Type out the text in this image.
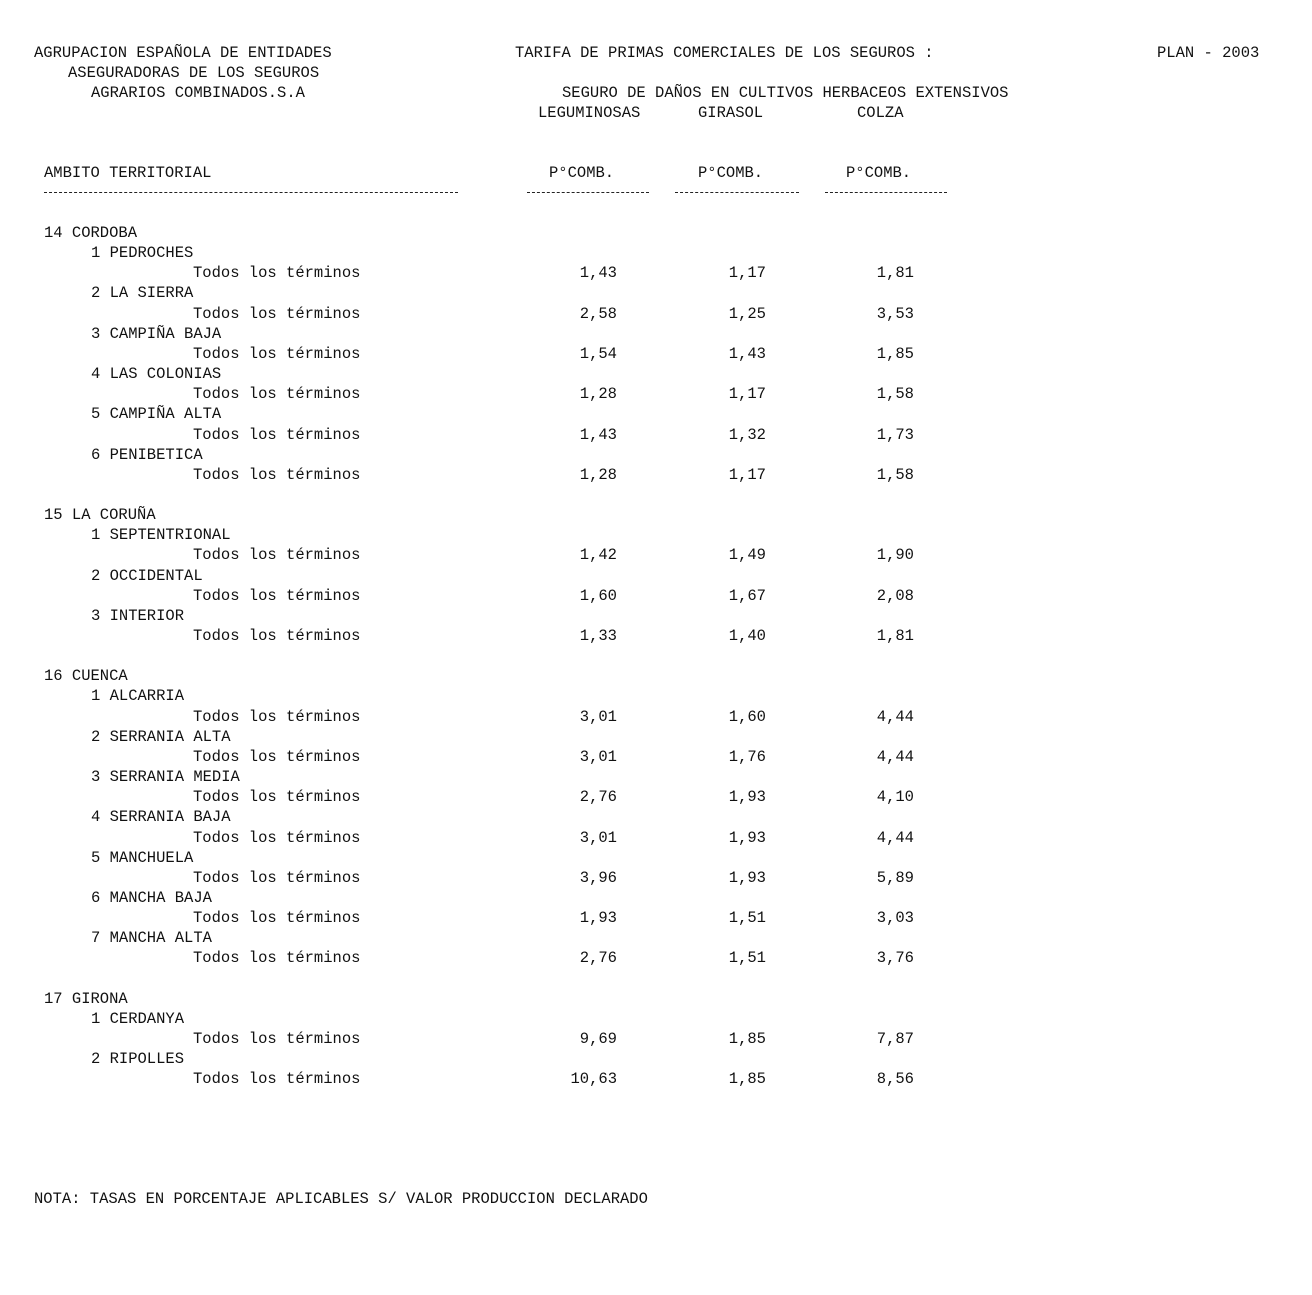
AGRUPACION ESPAÑOLA DE ENTIDADES
ASEGURADORAS DE LOS SEGUROS
AGRARIOS COMBINADOS.S.A
TARIFA DE PRIMAS COMERCIALES DE LOS SEGUROS :	PLAN - 2003
SEGURO DE DAÑOS EN CULTIVOS HERBACEOS EXTENSIVOS
LEGUMINOSAS	GIRASOL	COLZA
AMBITO TERRITORIAL	P°COMB.	P°COMB.	P°COMB.
14 CORDOBA
1 PEDROCHES
Todos los términos	1,43	1,17	1,81
2 LA SIERRA
Todos los términos	2,58	1,25	3,53
3 CAMPIÑA BAJA
Todos los términos	1,54	1,43	1,85
4 LAS COLONIAS
Todos los términos	1,28	1,17	1,58
5 CAMPIÑA ALTA
Todos los términos	1,43	1,32	1,73
6 PENIBETICA
Todos los términos	1,28	1,17	1,58
15 LA CORUÑA
1 SEPTENTRIONAL
Todos los términos	1,42	1,49	1,90
2 OCCIDENTAL
Todos los términos	1,60	1,67	2,08
3 INTERIOR
Todos los términos	1,33	1,40	1,81
16 CUENCA
1 ALCARRIA
Todos los términos	3,01	1,60	4,44
2 SERRANIA ALTA
Todos los términos	3,01	1,76	4,44
3 SERRANIA MEDIA
Todos los términos	2,76	1,93	4,10
4 SERRANIA BAJA
Todos los términos	3,01	1,93	4,44
5 MANCHUELA
Todos los términos	3,96	1,93	5,89
6 MANCHA BAJA
Todos los términos	1,93	1,51	3,03
7 MANCHA ALTA
Todos los términos	2,76	1,51	3,76
17 GIRONA
1 CERDANYA
Todos los términos	9,69	1,85	7,87
2 RIPOLLES
Todos los términos	10,63	1,85	8,56
NOTA: TASAS EN PORCENTAJE APLICABLES S/ VALOR PRODUCCION DECLARADO
